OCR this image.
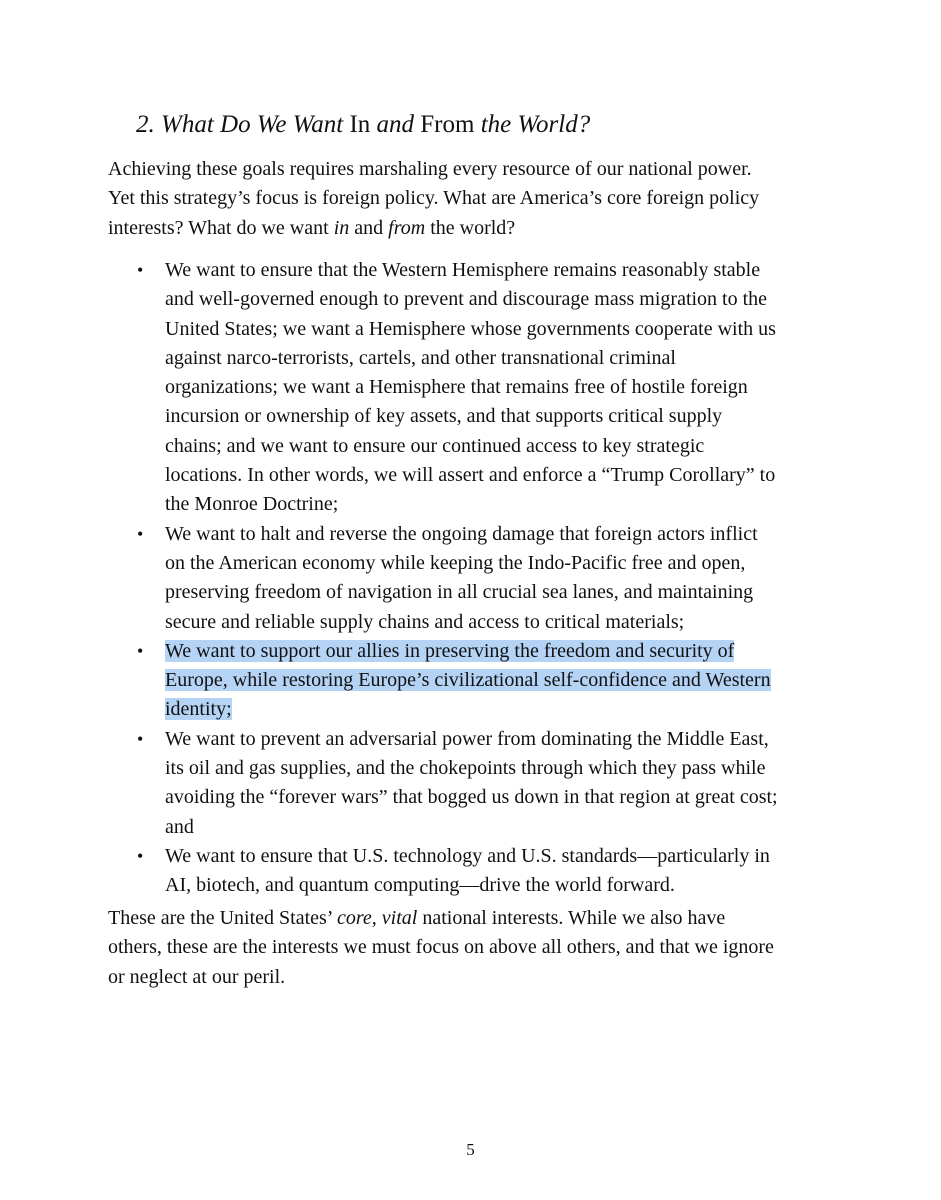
2. What Do We Want In and From the World?
Achieving these goals requires marshaling every resource of our national power.
Yet this strategy’s focus is foreign policy. What are America’s core foreign policy
interests? What do we want in and from the world?
• We want to ensure that the Western Hemisphere remains reasonably stable
and well-governed enough to prevent and discourage mass migration to the
United States; we want a Hemisphere whose governments cooperate with us
against narco-terrorists, cartels, and other transnational criminal
organizations; we want a Hemisphere that remains free of hostile foreign
incursion or ownership of key assets, and that supports critical supply
chains; and we want to ensure our continued access to key strategic
locations. In other words, we will assert and enforce a “Trump Corollary” to
the Monroe Doctrine;
• We want to halt and reverse the ongoing damage that foreign actors inflict
on the American economy while keeping the Indo-Pacific free and open,
preserving freedom of navigation in all crucial sea lanes, and maintaining
secure and reliable supply chains and access to critical materials;
• We want to support our allies in preserving the freedom and security of
Europe, while restoring Europe’s civilizational self-confidence and Western
identity;
• We want to prevent an adversarial power from dominating the Middle East,
its oil and gas supplies, and the chokepoints through which they pass while
avoiding the “forever wars” that bogged us down in that region at great cost;
and
• We want to ensure that U.S. technology and U.S. standards—particularly in
AI, biotech, and quantum computing—drive the world forward.
These are the United States’ core, vital national interests. While we also have
others, these are the interests we must focus on above all others, and that we ignore
or neglect at our peril.
5
